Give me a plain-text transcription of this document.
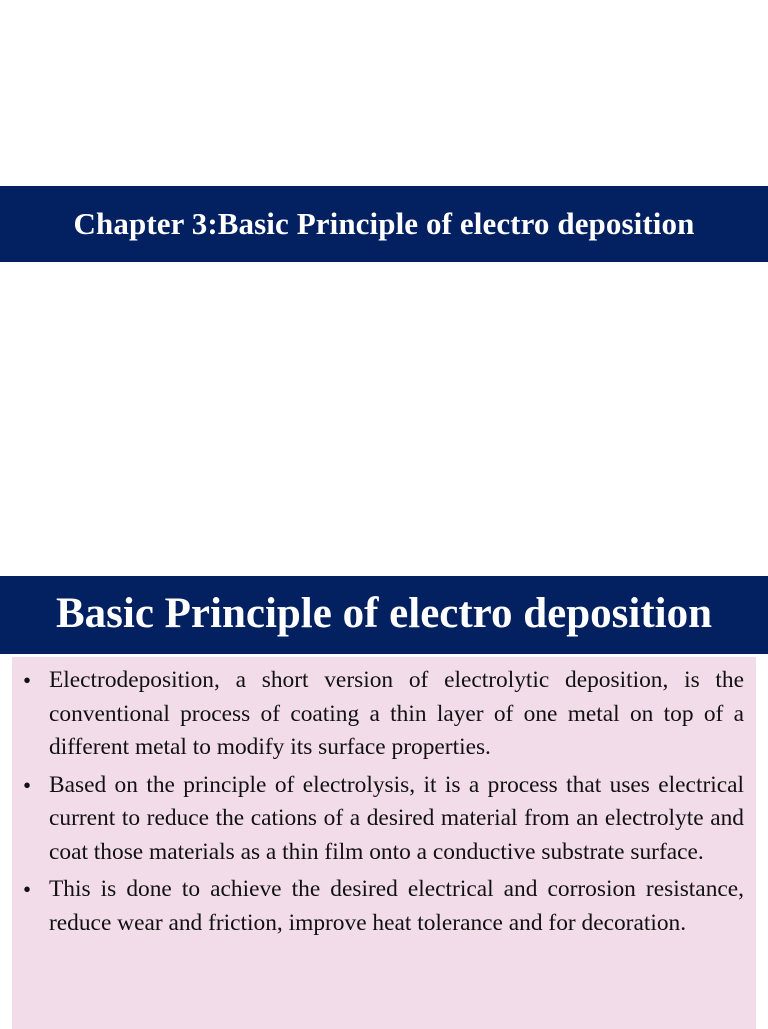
Chapter 3:Basic Principle of electro deposition
Basic Principle of electro deposition
• Electrodeposition, a short version of electrolytic deposition, is the conventional process of coating a thin layer of one metal on top of a different metal to modify its surface properties.
• Based on the principle of electrolysis, it is a process that uses electrical current to reduce the cations of a desired material from an electrolyte and coat those materials as a thin film onto a conductive substrate surface.
• This is done to achieve the desired electrical and corrosion resistance, reduce wear and friction, improve heat tolerance and for decoration.
